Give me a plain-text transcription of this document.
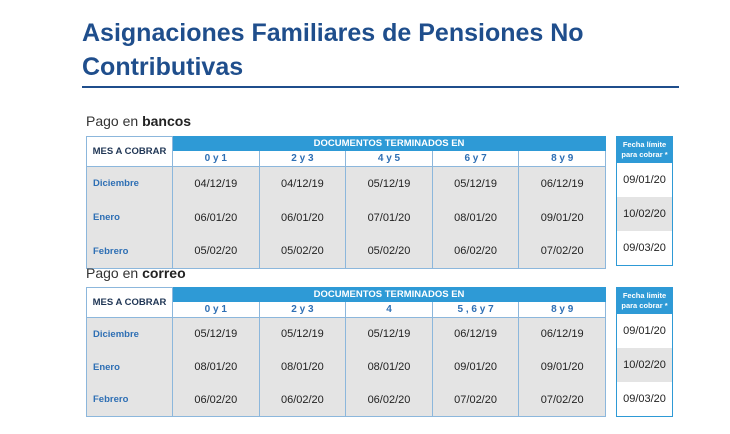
Asignaciones Familiares de Pensiones No Contributivas
Pago en bancos
MES A COBRAR	DOCUMENTOS TERMINADOS EN				
	0 y 1	2 y 3	4 y 5	6 y 7	8 y 9
Diciembre	04/12/19	04/12/19	05/12/19	05/12/19	06/12/19
Enero	06/01/20	06/01/20	07/01/20	08/01/20	09/01/20
Febrero	05/02/20	05/02/20	05/02/20	06/02/20	07/02/20
Fecha límite para cobrar *
09/01/20
10/02/20
09/03/20
Pago en correo
MES A COBRAR	DOCUMENTOS TERMINADOS EN				
	0 y 1	2 y 3	4	5 , 6 y 7	8 y 9
Diciembre	05/12/19	05/12/19	05/12/19	06/12/19	06/12/19
Enero	08/01/20	08/01/20	08/01/20	09/01/20	09/01/20
Febrero	06/02/20	06/02/20	06/02/20	07/02/20	07/02/20
Fecha limite para cobrar *
09/01/20
10/02/20
09/03/20
